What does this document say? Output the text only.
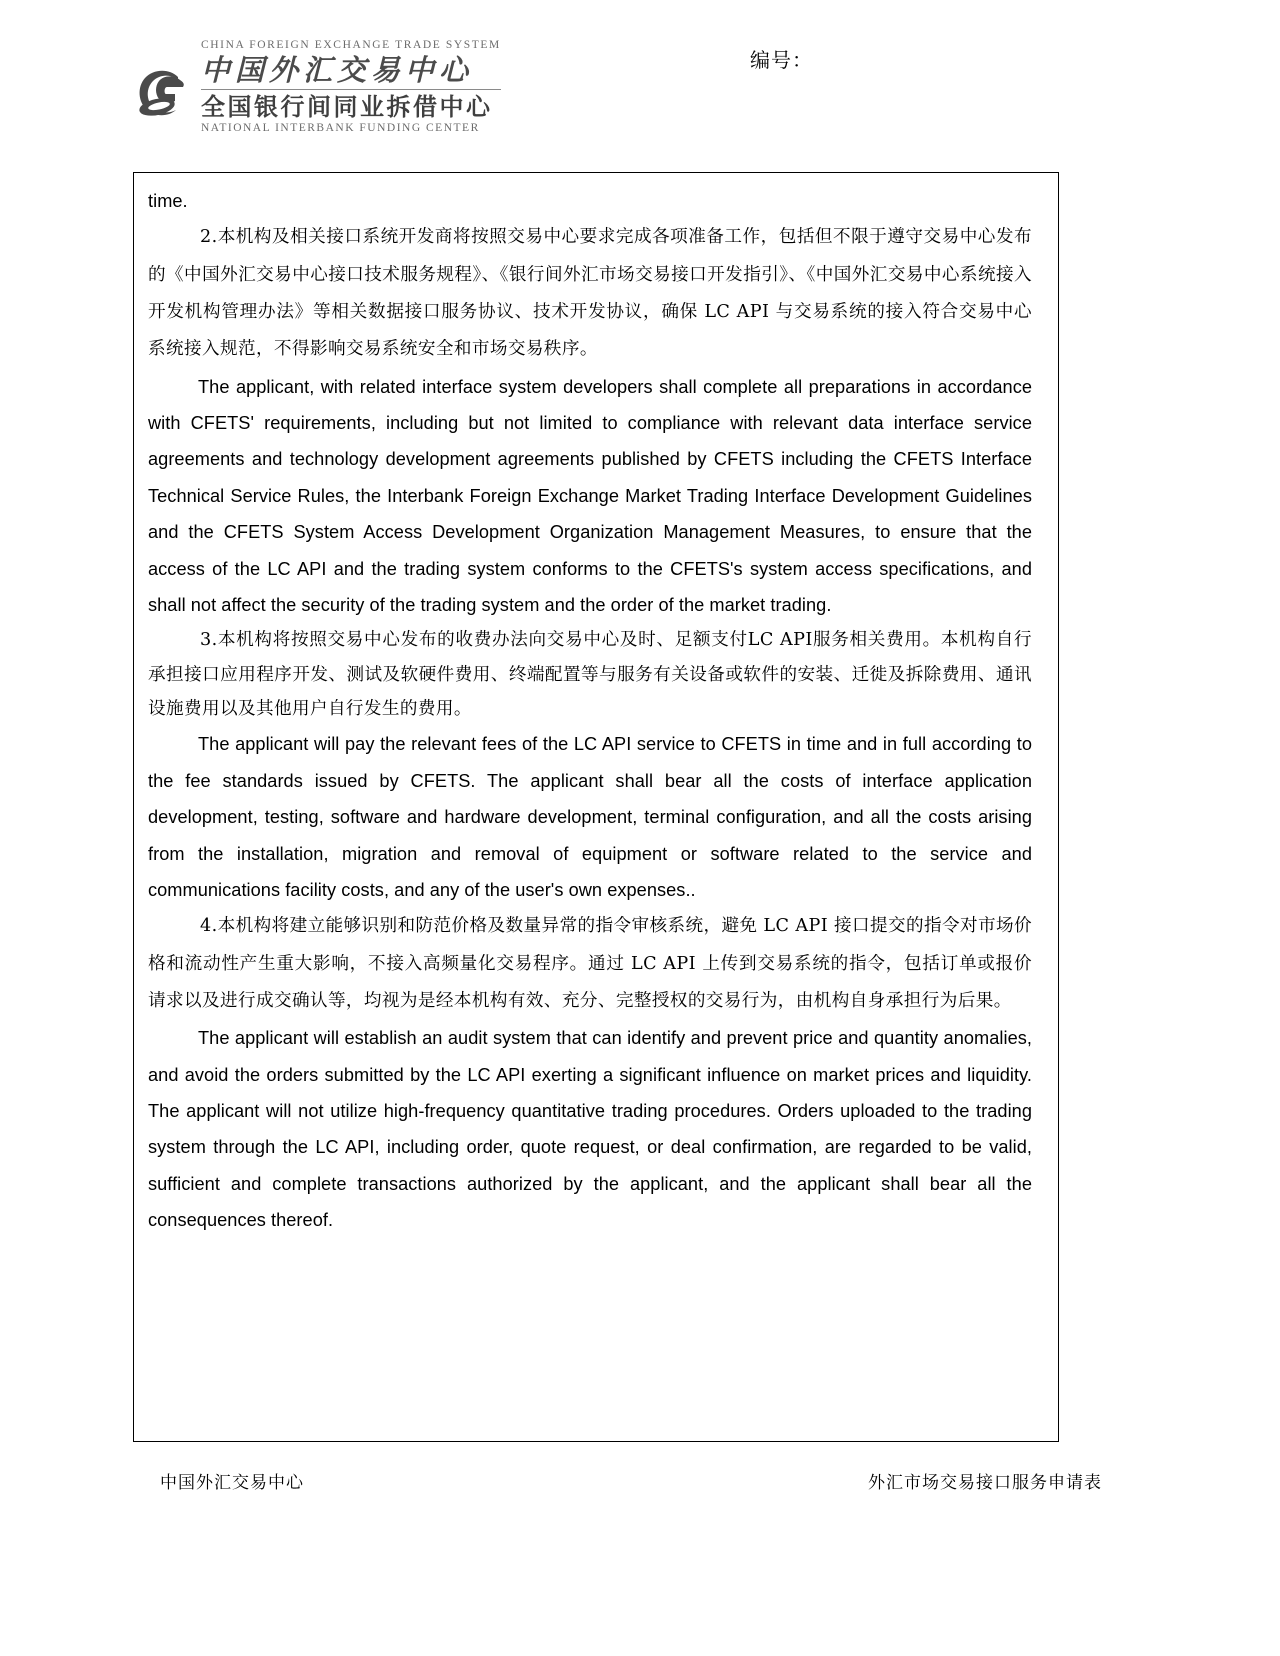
CHINA FOREIGN EXCHANGE TRADE SYSTEM
中国外汇交易中心
全国银行间同业拆借中心
NATIONAL INTERBANK FUNDING CENTER
编号：

time.

2.本机构及相关接口系统开发商将按照交易中心要求完成各项准备工作，包括但不限于遵守交易中心发布的《中国外汇交易中心接口技术服务规程》、《银行间外汇市场交易接口开发指引》、《中国外汇交易中心系统接入开发机构管理办法》等相关数据接口服务协议、技术开发协议，确保 LC API 与交易系统的接入符合交易中心系统接入规范，不得影响交易系统安全和市场交易秩序。

The applicant, with related interface system developers shall complete all preparations in accordance with CFETS' requirements, including but not limited to compliance with relevant data interface service agreements and technology development agreements published by CFETS including the CFETS Interface Technical Service Rules, the Interbank Foreign Exchange Market Trading Interface Development Guidelines and the CFETS System Access Development Organization Management Measures, to ensure that the access of the LC API and the trading system conforms to the CFETS's system access specifications, and shall not affect the security of the trading system and the order of the market trading.

3.本机构将按照交易中心发布的收费办法向交易中心及时、足额支付LC API服务相关费用。本机构自行承担接口应用程序开发、测试及软硬件费用、终端配置等与服务有关设备或软件的安装、迁徙及拆除费用、通讯设施费用以及其他用户自行发生的费用。

The applicant will pay the relevant fees of the LC API service to CFETS in time and in full according to the fee standards issued by CFETS. The applicant shall bear all the costs of interface application development, testing, software and hardware development, terminal configuration, and all the costs arising from the installation, migration and removal of equipment or software related to the service and communications facility costs, and any of the user's own expenses..

4.本机构将建立能够识别和防范价格及数量异常的指令审核系统，避免 LC API 接口提交的指令对市场价格和流动性产生重大影响，不接入高频量化交易程序。通过 LC API 上传到交易系统的指令，包括订单或报价请求以及进行成交确认等，均视为是经本机构有效、充分、完整授权的交易行为，由机构自身承担行为后果。

The applicant will establish an audit system that can identify and prevent price and quantity anomalies, and avoid the orders submitted by the LC API exerting a significant influence on market prices and liquidity. The applicant will not utilize high-frequency quantitative trading procedures. Orders uploaded to the trading system through the LC API, including order, quote request, or deal confirmation, are regarded to be valid, sufficient and complete transactions authorized by the applicant, and the applicant shall bear all the consequences thereof.

中国外汇交易中心	外汇市场交易接口服务申请表
